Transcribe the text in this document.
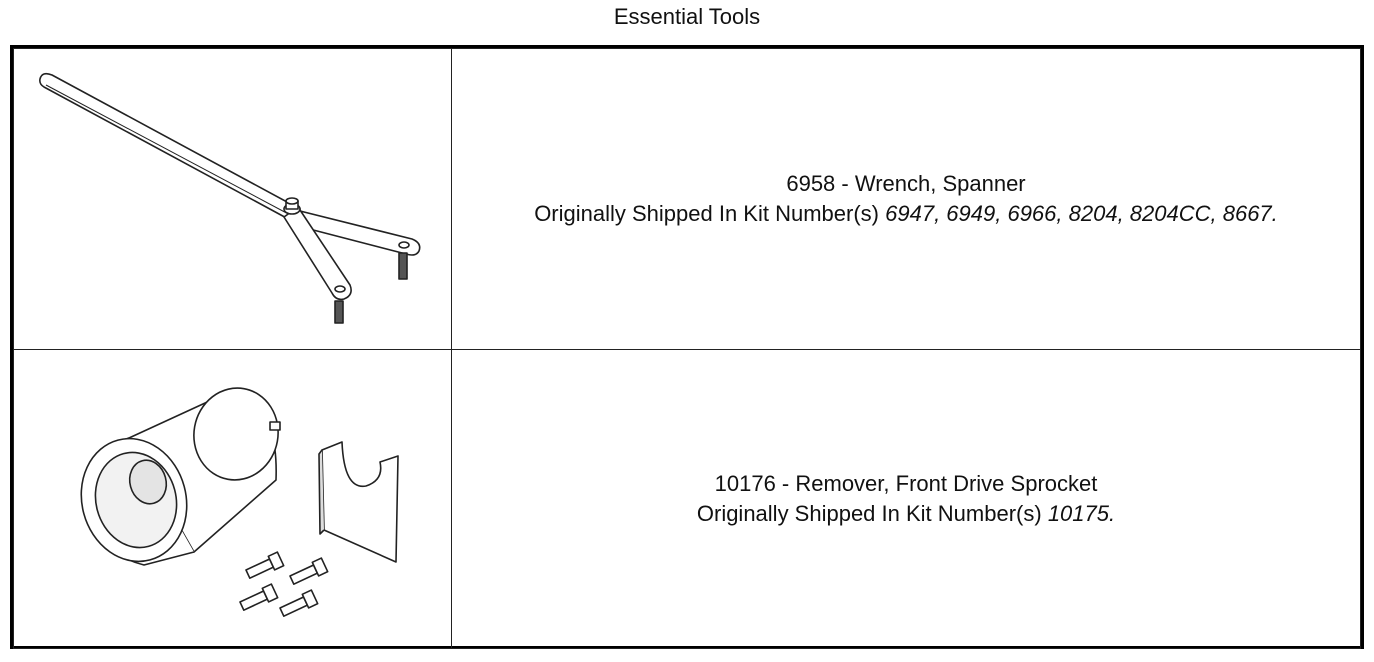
Essential Tools

6958 - Wrench, Spanner
Originally Shipped In Kit Number(s) 6947, 6949, 6966, 8204, 8204CC, 8667.

10176 - Remover, Front Drive Sprocket
Originally Shipped In Kit Number(s) 10175.
